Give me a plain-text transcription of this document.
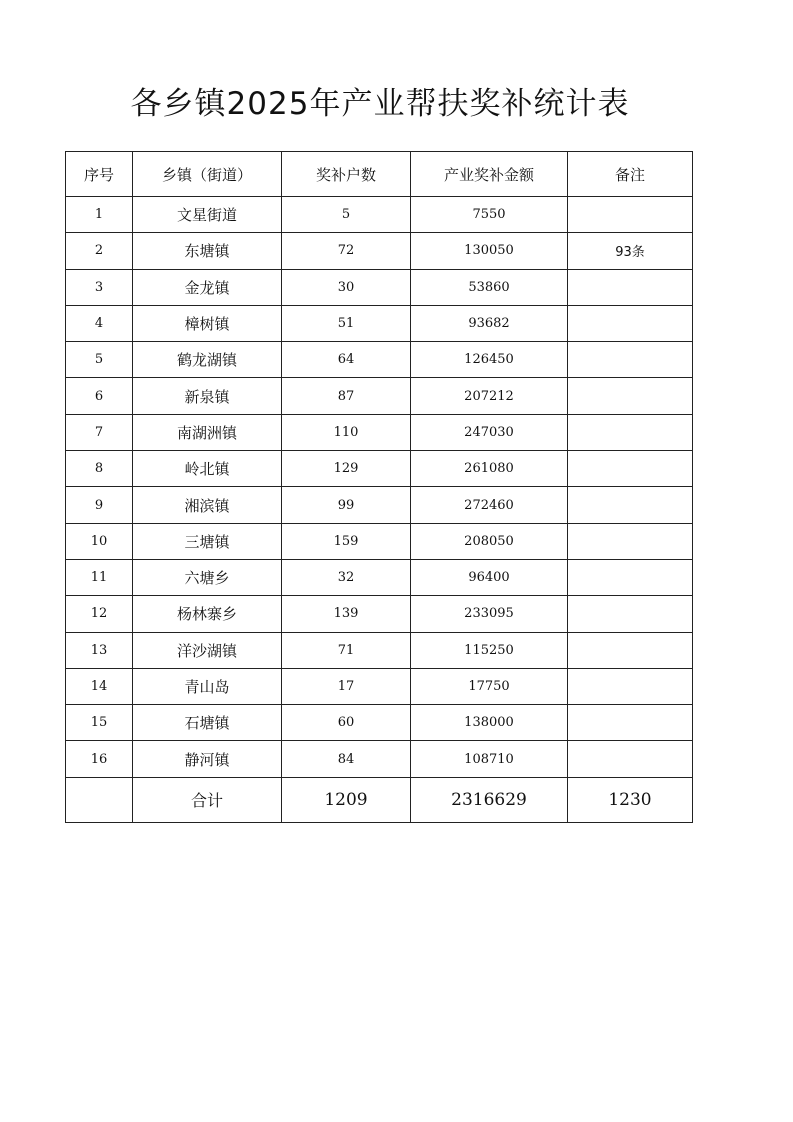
各乡镇2025年产业帮扶奖补统计表
序号	乡镇（街道）	奖补户数	产业奖补金额	备注
1	文星街道	5	7550	
2	东塘镇	72	130050	93条
3	金龙镇	30	53860	
4	樟树镇	51	93682	
5	鹤龙湖镇	64	126450	
6	新泉镇	87	207212	
7	南湖洲镇	110	247030	
8	岭北镇	129	261080	
9	湘滨镇	99	272460	
10	三塘镇	159	208050	
11	六塘乡	32	96400	
12	杨林寨乡	139	233095	
13	洋沙湖镇	71	115250	
14	青山岛	17	17750	
15	石塘镇	60	138000	
16	静河镇	84	108710	
	合计	1209	2316629	1230
